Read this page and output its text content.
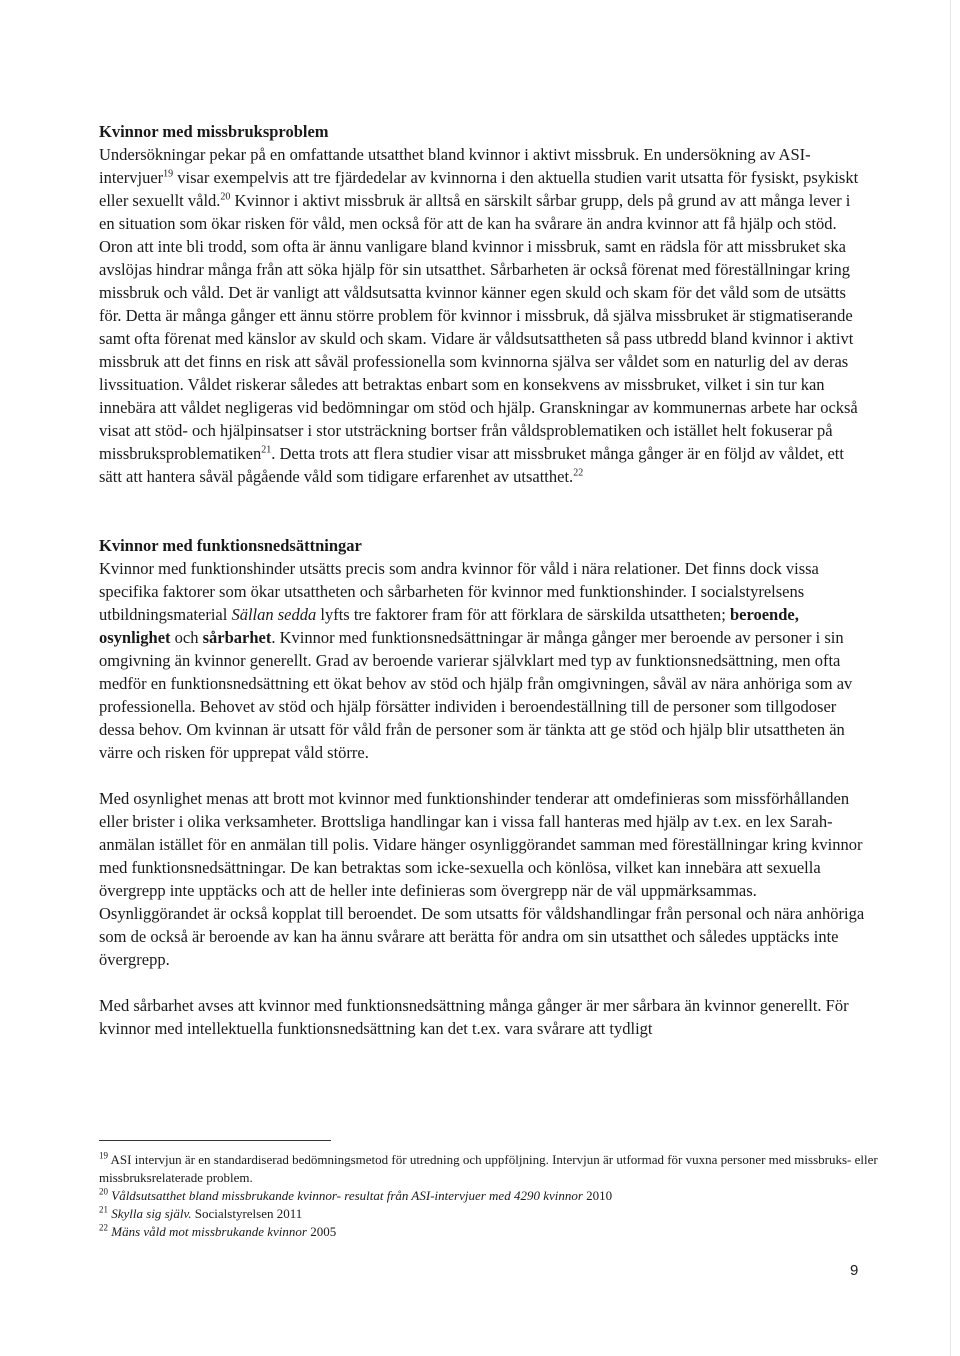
Kvinnor med missbruksproblem

Undersökningar pekar på en omfattande utsatthet bland kvinnor i aktivt missbruk. En undersökning av ASI-intervjuer$^{19}$ visar exempelvis att tre fjärdedelar av kvinnorna i den aktuella studien varit utsatta för fysiskt, psykiskt eller sexuellt våld.$^{20}$ Kvinnor i aktivt missbruk är alltså en särskilt sårbar grupp, dels på grund av att många lever i en situation som ökar risken för våld, men också för att de kan ha svårare än andra kvinnor att få hjälp och stöd. Oron att inte bli trodd, som ofta är ännu vanligare bland kvinnor i missbruk, samt en rädsla för att missbruket ska avslöjas hindrar många från att söka hjälp för sin utsatthet. Sårbarheten är också förenat med föreställningar kring missbruk och våld. Det är vanligt att våldsutsatta kvinnor känner egen skuld och skam för det våld som de utsätts för. Detta är många gånger ett ännu större problem för kvinnor i missbruk, då själva missbruket är stigmatiserande samt ofta förenat med känslor av skuld och skam. Vidare är våldsutsattheten så pass utbredd bland kvinnor i aktivt missbruk att det finns en risk att såväl professionella som kvinnorna själva ser våldet som en naturlig del av deras livssituation. Våldet riskerar således att betraktas enbart som en konsekvens av missbruket, vilket i sin tur kan innebära att våldet negligeras vid bedömningar om stöd och hjälp. Granskningar av kommunernas arbete har också visat att stöd- och hjälpinsatser i stor utsträckning bortser från våldsproblematiken och istället helt fokuserar på missbruksproblematiken$^{21}$. Detta trots att flera studier visar att missbruket många gånger är en följd av våldet, ett sätt att hantera såväl pågående våld som tidigare erfarenhet av utsatthet.$^{22}$

Kvinnor med funktionsnedsättningar

Kvinnor med funktionshinder utsätts precis som andra kvinnor för våld i nära relationer. Det finns dock vissa specifika faktorer som ökar utsattheten och sårbarheten för kvinnor med funktionshinder. I socialstyrelsens utbildningsmaterial Sällan sedda lyfts tre faktorer fram för att förklara de särskilda utsattheten; beroende, osynlighet och sårbarhet. Kvinnor med funktionsnedsättningar är många gånger mer beroende av personer i sin omgivning än kvinnor generellt. Grad av beroende varierar självklart med typ av funktionsnedsättning, men ofta medför en funktionsnedsättning ett ökat behov av stöd och hjälp från omgivningen, såväl av nära anhöriga som av professionella. Behovet av stöd och hjälp försätter individen i beroendeställning till de personer som tillgodoser dessa behov. Om kvinnan är utsatt för våld från de personer som är tänkta att ge stöd och hjälp blir utsattheten än värre och risken för upprepat våld större.

Med osynlighet menas att brott mot kvinnor med funktionshinder tenderar att omdefinieras som missförhållanden eller brister i olika verksamheter. Brottsliga handlingar kan i vissa fall hanteras med hjälp av t.ex. en lex Sarah-anmälan istället för en anmälan till polis. Vidare hänger osynliggörandet samman med föreställningar kring kvinnor med funktionsnedsättningar. De kan betraktas som icke-sexuella och könlösa, vilket kan innebära att sexuella övergrepp inte upptäcks och att de heller inte definieras som övergrepp när de väl uppmärksammas. Osynliggörandet är också kopplat till beroendet. De som utsatts för våldshandlingar från personal och nära anhöriga som de också är beroende av kan ha ännu svårare att berätta för andra om sin utsatthet och således upptäcks inte övergrepp.

Med sårbarhet avses att kvinnor med funktionsnedsättning många gånger är mer sårbara än kvinnor generellt. För kvinnor med intellektuella funktionsnedsättning kan det t.ex. vara svårare att tydligt

$^{19}$ ASI intervjun är en standardiserad bedömningsmetod för utredning och uppföljning. Intervjun är utformad för vuxna personer med missbruks- eller missbruksrelaterade problem.

$^{20}$ Våldsutsatthet bland missbrukande kvinnor- resultat från ASI-intervjuer med 4290 kvinnor 2010

$^{21}$ Skylla sig själv. Socialstyrelsen 2011

$^{22}$ Mäns våld mot missbrukande kvinnor 2005

9
